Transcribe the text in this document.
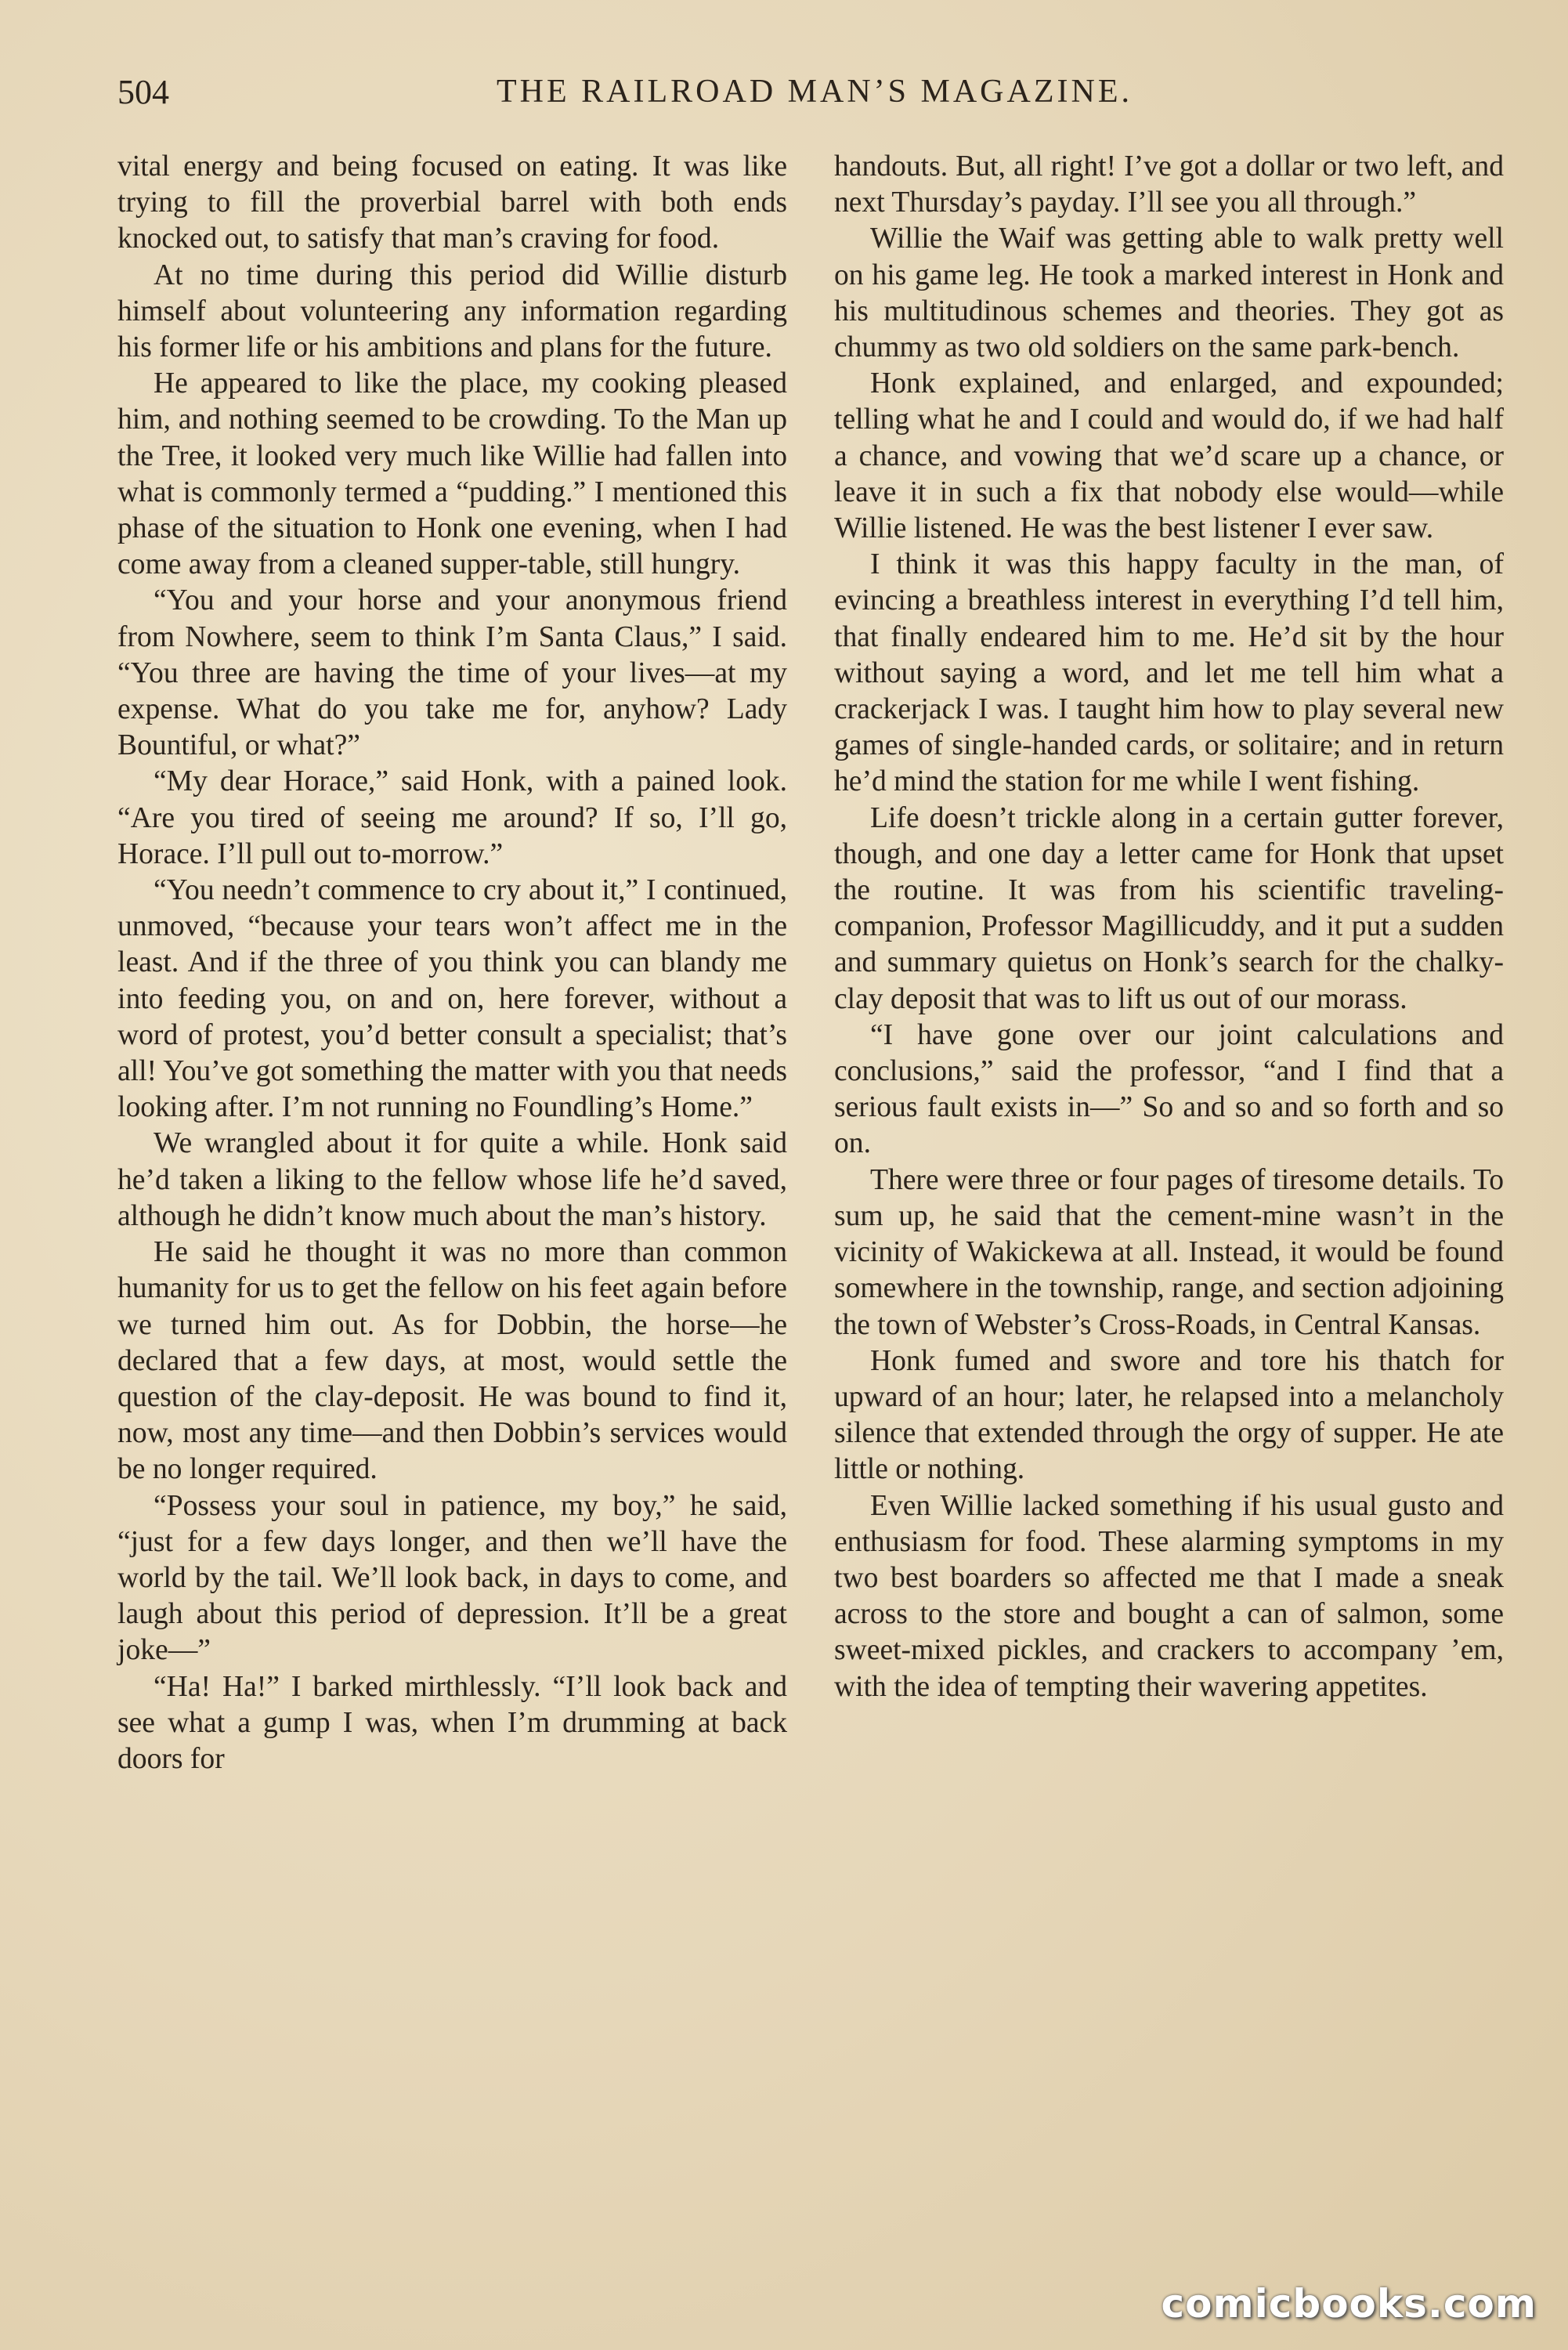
504	THE RAILROAD MAN’S MAGAZINE.

vital energy and being focused on eating. It was like trying to fill the proverbial barrel with both ends knocked out, to satisfy that man’s craving for food.

At no time during this period did Willie disturb himself about volunteering any information regarding his former life or his ambitions and plans for the future.

He appeared to like the place, my cooking pleased him, and nothing seemed to be crowding. To the Man up the Tree, it looked very much like Willie had fallen into what is commonly termed a “pudding.” I mentioned this phase of the situation to Honk one evening, when I had come away from a cleaned supper-table, still hungry.

“You and your horse and your anonymous friend from Nowhere, seem to think I’m Santa Claus,” I said. “You three are having the time of your lives—at my expense. What do you take me for, anyhow? Lady Bountiful, or what?”

“My dear Horace,” said Honk, with a pained look. “Are you tired of seeing me around? If so, I’ll go, Horace. I’ll pull out to-morrow.”

“You needn’t commence to cry about it,” I continued, unmoved, “because your tears won’t affect me in the least. And if the three of you think you can blandy me into feeding you, on and on, here forever, without a word of protest, you’d better consult a specialist; that’s all! You’ve got something the matter with you that needs looking after. I’m not running no Foundling’s Home.”

We wrangled about it for quite a while. Honk said he’d taken a liking to the fellow whose life he’d saved, although he didn’t know much about the man’s history.

He said he thought it was no more than common humanity for us to get the fellow on his feet again before we turned him out. As for Dobbin, the horse—he declared that a few days, at most, would settle the question of the clay-deposit. He was bound to find it, now, most any time—and then Dobbin’s services would be no longer required.

“Possess your soul in patience, my boy,” he said, “just for a few days longer, and then we’ll have the world by the tail. We’ll look back, in days to come, and laugh about this period of depression. It’ll be a great joke—”

“Ha! Ha!” I barked mirthlessly. “I’ll look back and see what a gump I was, when I’m drumming at back doors for

handouts. But, all right! I’ve got a dollar or two left, and next Thursday’s payday. I’ll see you all through.”

Willie the Waif was getting able to walk pretty well on his game leg. He took a marked interest in Honk and his multitudinous schemes and theories. They got as chummy as two old soldiers on the same park-bench.

Honk explained, and enlarged, and expounded; telling what he and I could and would do, if we had half a chance, and vowing that we’d scare up a chance, or leave it in such a fix that nobody else would—while Willie listened. He was the best listener I ever saw.

I think it was this happy faculty in the man, of evincing a breathless interest in everything I’d tell him, that finally endeared him to me. He’d sit by the hour without saying a word, and let me tell him what a crackerjack I was. I taught him how to play several new games of single-handed cards, or solitaire; and in return he’d mind the station for me while I went fishing.

Life doesn’t trickle along in a certain gutter forever, though, and one day a letter came for Honk that upset the routine. It was from his scientific traveling-companion, Professor Magillicuddy, and it put a sudden and summary quietus on Honk’s search for the chalky-clay deposit that was to lift us out of our morass.

“I have gone over our joint calculations and conclusions,” said the professor, “and I find that a serious fault exists in—” So and so and so forth and so on.

There were three or four pages of tiresome details. To sum up, he said that the cement-mine wasn’t in the vicinity of Wakickewa at all. Instead, it would be found somewhere in the township, range, and section adjoining the town of Webster’s Cross-Roads, in Central Kansas.

Honk fumed and swore and tore his thatch for upward of an hour; later, he relapsed into a melancholy silence that extended through the orgy of supper. He ate little or nothing.

Even Willie lacked something if his usual gusto and enthusiasm for food. These alarming symptoms in my two best boarders so affected me that I made a sneak across to the store and bought a can of salmon, some sweet-mixed pickles, and crackers to accompany ’em, with the idea of tempting their wavering appetites.

comicbooks.com
